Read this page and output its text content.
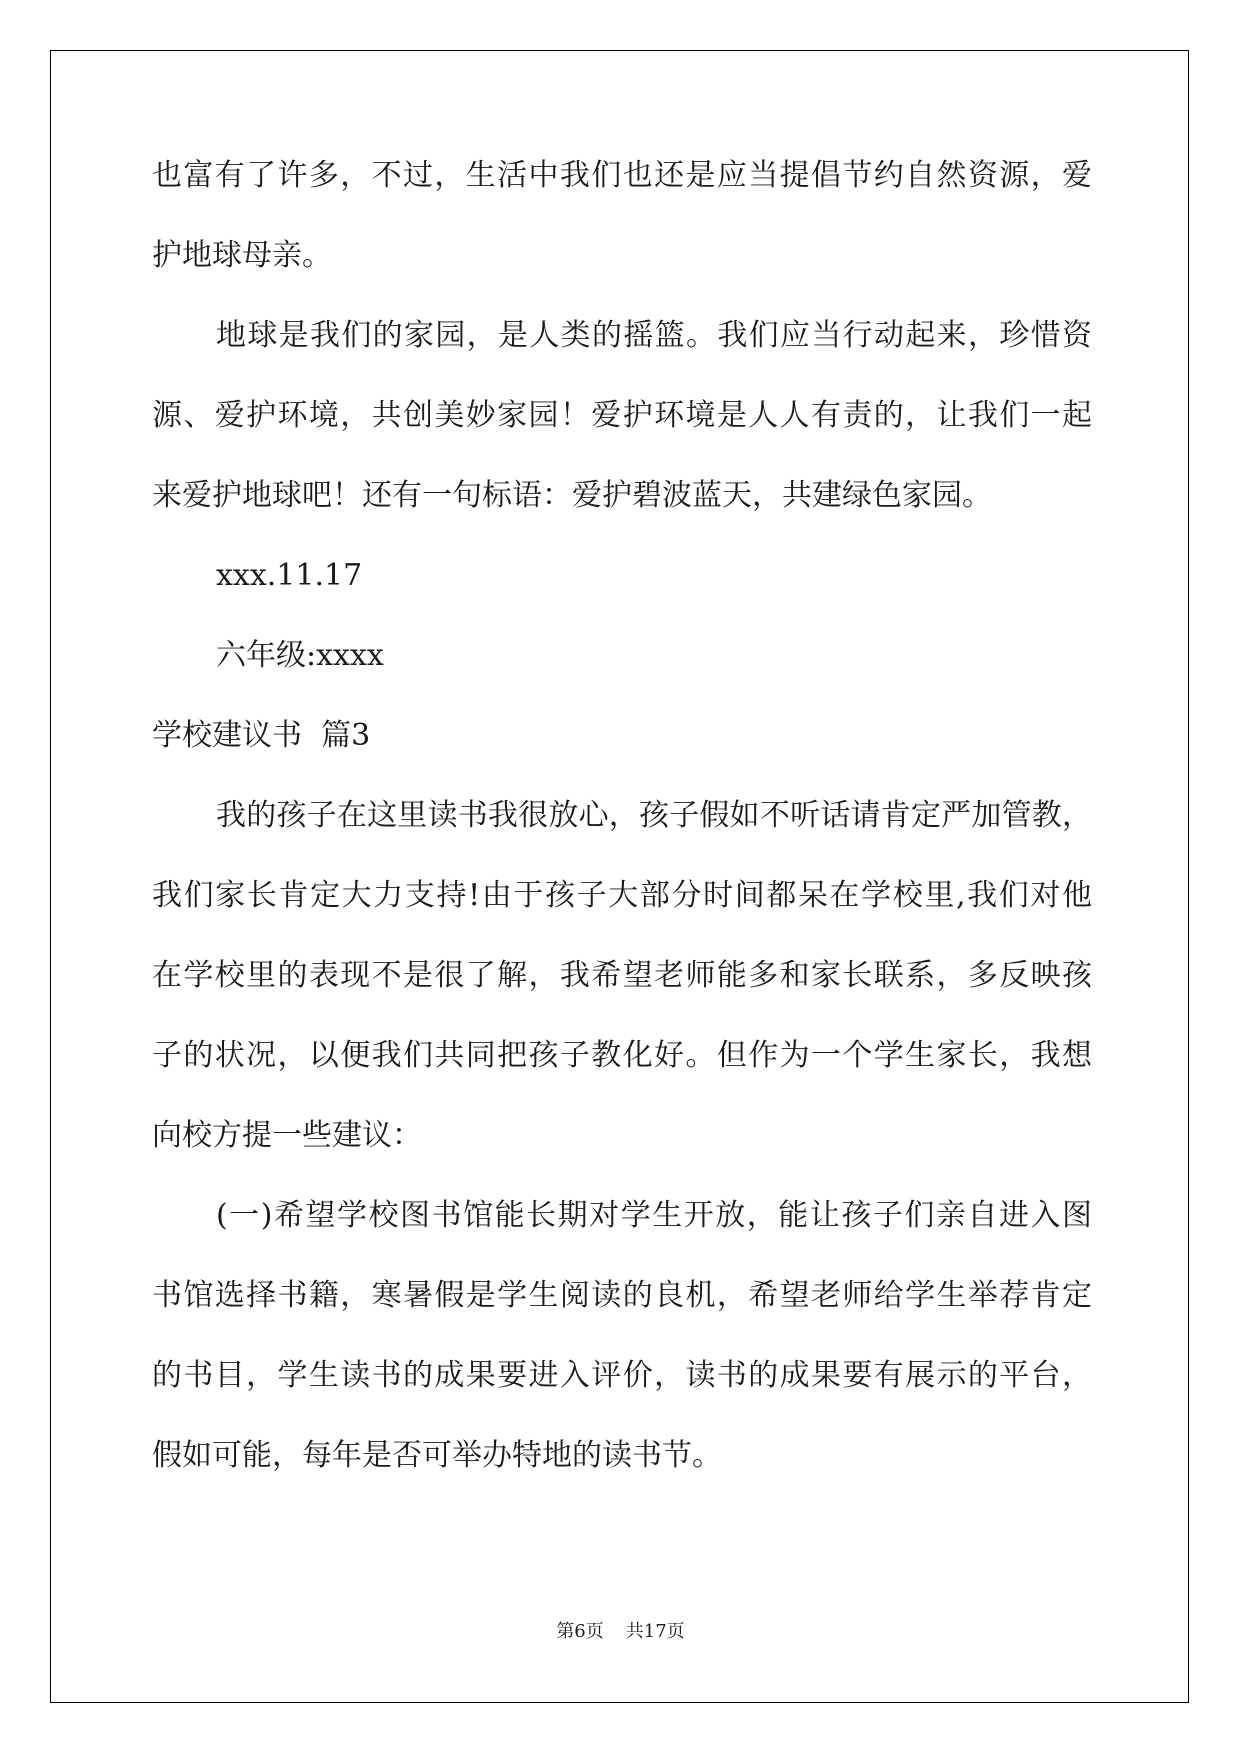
也富有了许多，不过，生活中我们也还是应当提倡节约自然资源，爱
护地球母亲。
地球是我们的家园，是人类的摇篮。我们应当行动起来，珍惜资
源、爱护环境，共创美妙家园！爱护环境是人人有责的，让我们一起
来爱护地球吧！还有一句标语：爱护碧波蓝天，共建绿色家园。
xxx.11.17
六年级:xxxx
学校建议书  篇3
我的孩子在这里读书我很放心，孩子假如不听话请肯定严加管教，
我们家长肯定大力支持!由于孩子大部分时间都呆在学校里,我们对他
在学校里的表现不是很了解，我希望老师能多和家长联系，多反映孩
子的状况，以便我们共同把孩子教化好。但作为一个学生家长，我想
向校方提一些建议：
(一)希望学校图书馆能长期对学生开放，能让孩子们亲自进入图
书馆选择书籍，寒暑假是学生阅读的良机，希望老师给学生举荐肯定
的书目，学生读书的成果要进入评价，读书的成果要有展示的平台，
假如可能，每年是否可举办特地的读书节。
第6页 共17页
